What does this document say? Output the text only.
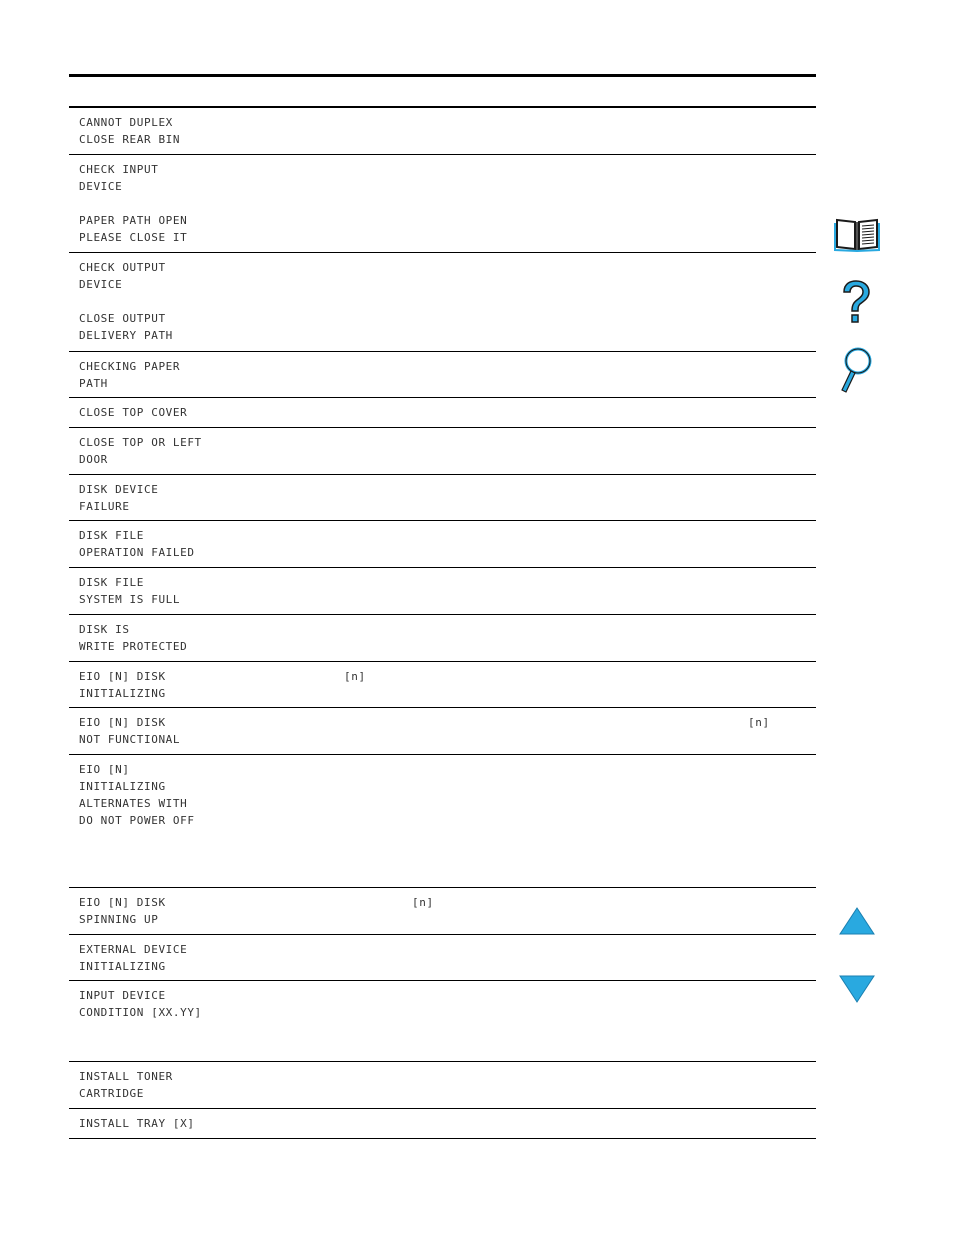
CANNOT DUPLEX
CLOSE REAR BIN
CHECK INPUT
DEVICE
PAPER PATH OPEN
PLEASE CLOSE IT
CHECK OUTPUT
DEVICE
CLOSE OUTPUT
DELIVERY PATH
CHECKING PAPER
PATH
CLOSE TOP COVER
CLOSE TOP OR LEFT
DOOR
DISK DEVICE
FAILURE
DISK FILE
OPERATION FAILED
DISK FILE
SYSTEM IS FULL
DISK IS
WRITE PROTECTED
EIO [N] DISK
INITIALIZING
[n]
EIO [N] DISK
NOT FUNCTIONAL
[n]
EIO [N]
INITIALIZING
ALTERNATES WITH
DO NOT POWER OFF
EIO [N] DISK
SPINNING UP
[n]
EXTERNAL DEVICE
INITIALIZING
INPUT DEVICE
CONDITION [XX.YY]
INSTALL TONER
CARTRIDGE
INSTALL TRAY [X]
